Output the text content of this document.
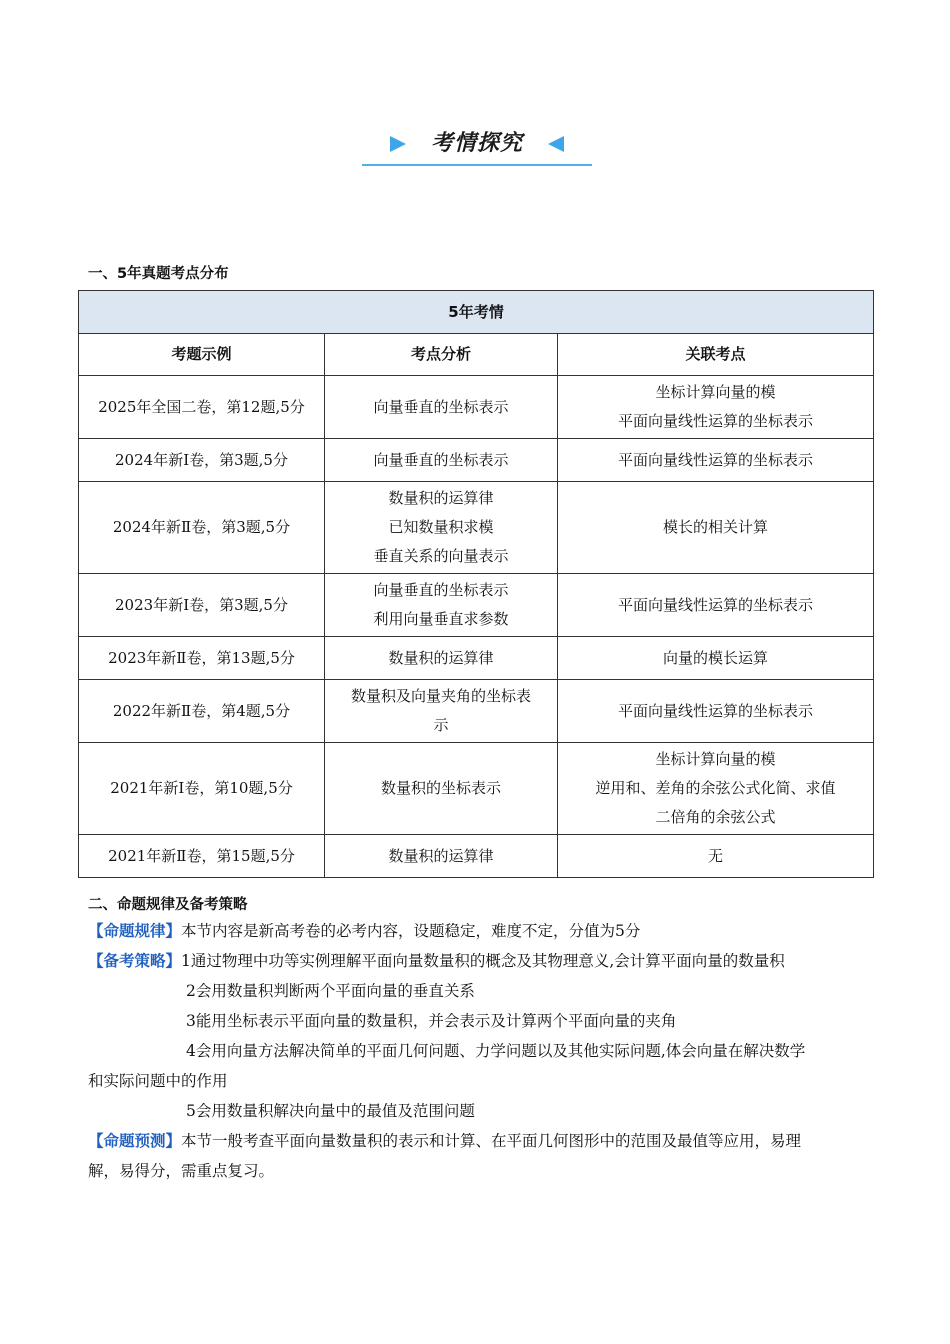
考情探究
一、5年真题考点分布
5年考情		
考题示例	考点分析	关联考点
2025年全国二卷，第12题,5分	向量垂直的坐标表示	坐标计算向量的模
平面向量线性运算的坐标表示

2024年新I卷，第3题,5分	向量垂直的坐标表示	平面向量线性运算的坐标表示

2024年新Ⅱ卷，第3题,5分	数量积的运算律
已知数量积求模
垂直关系的向量表示	模长的相关计算

2023年新I卷，第3题,5分	向量垂直的坐标表示
利用向量垂直求参数	平面向量线性运算的坐标表示

2023年新Ⅱ卷，第13题,5分	数量积的运算律	向量的模长运算

2022年新Ⅱ卷，第4题,5分	数量积及向量夹角的坐标表
示	平面向量线性运算的坐标表示

2021年新I卷，第10题,5分	数量积的坐标表示	坐标计算向量的模
逆用和、差角的余弦公式化简、求值
二倍角的余弦公式

2021年新Ⅱ卷，第15题,5分	数量积的运算律	无
二、命题规律及备考策略
【命题规律】本节内容是新高考卷的必考内容，设题稳定，难度不定，分值为5分
【备考策略】1通过物理中功等实例理解平面向量数量积的概念及其物理意义,会计算平面向量的数量积
2会用数量积判断两个平面向量的垂直关系
3能用坐标表示平面向量的数量积，并会表示及计算两个平面向量的夹角
4会用向量方法解决简单的平面几何问题、力学问题以及其他实际问题,体会向量在解决数学
和实际问题中的作用
5会用数量积解决向量中的最值及范围问题
【命题预测】本节一般考查平面向量数量积的表示和计算、在平面几何图形中的范围及最值等应用，易理
解，易得分，需重点复习。
